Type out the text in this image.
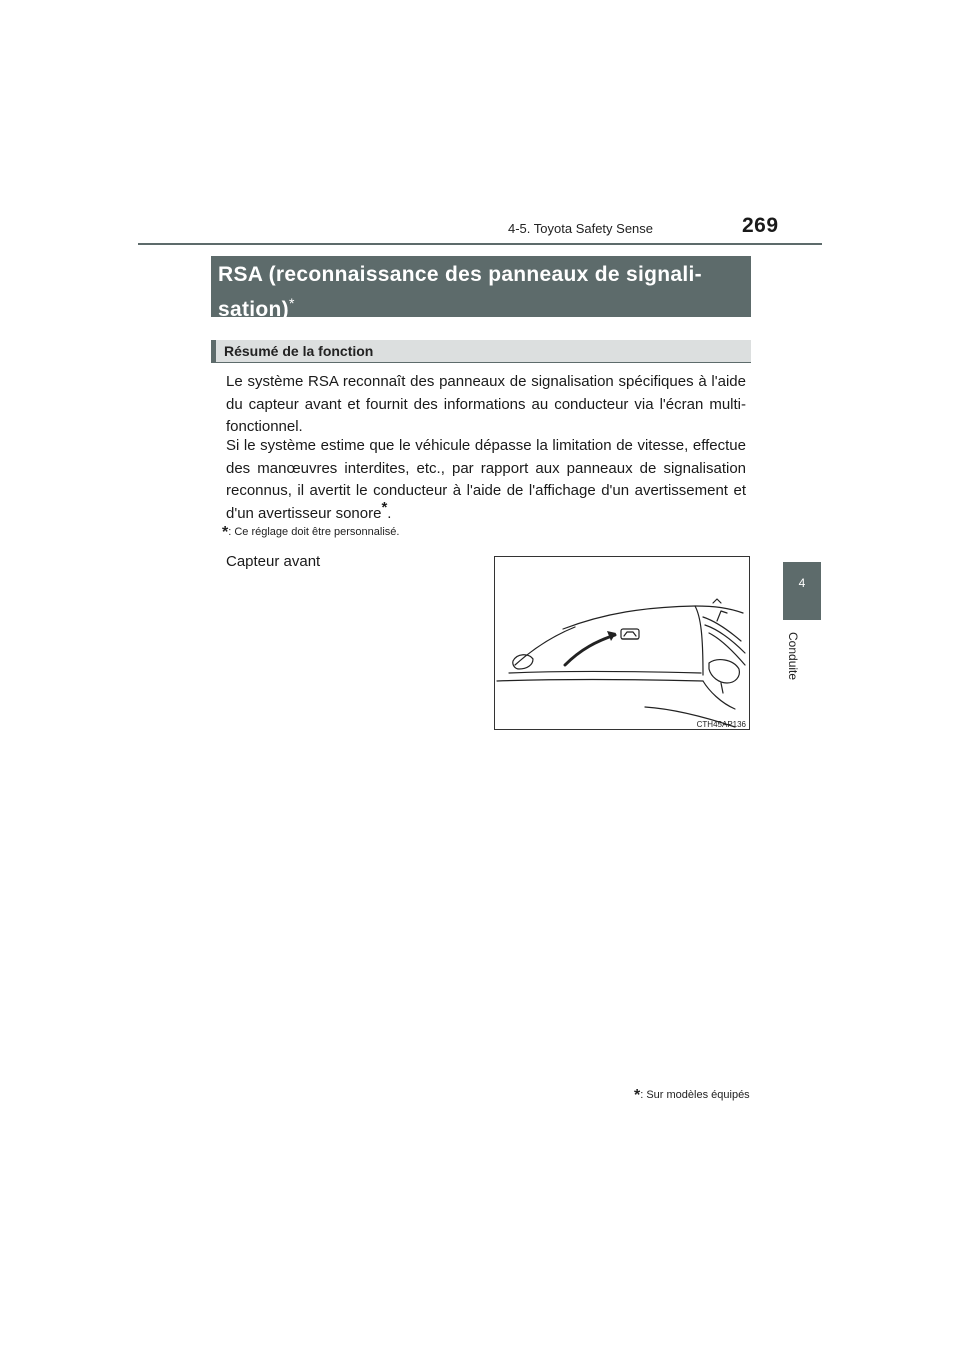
4-5. Toyota Safety Sense	269
4
Conduite
RSA (reconnaissance des panneaux de signali-
sation)*
Résumé de la fonction
Le système RSA reconnaît des panneaux de signalisation spécifiques à l'aide du capteur avant et fournit des informations au conducteur via l'écran multi-fonctionnel.
Si le système estime que le véhicule dépasse la limitation de vitesse, effectue des manœuvres interdites, etc., par rapport aux panneaux de signalisation reconnus, il avertit le conducteur à l'aide de l'affichage d'un avertissement et d'un avertisseur sonore*.
*: Ce réglage doit être personnalisé.
Capteur avant
CTH45AP136
*: Sur modèles équipés
